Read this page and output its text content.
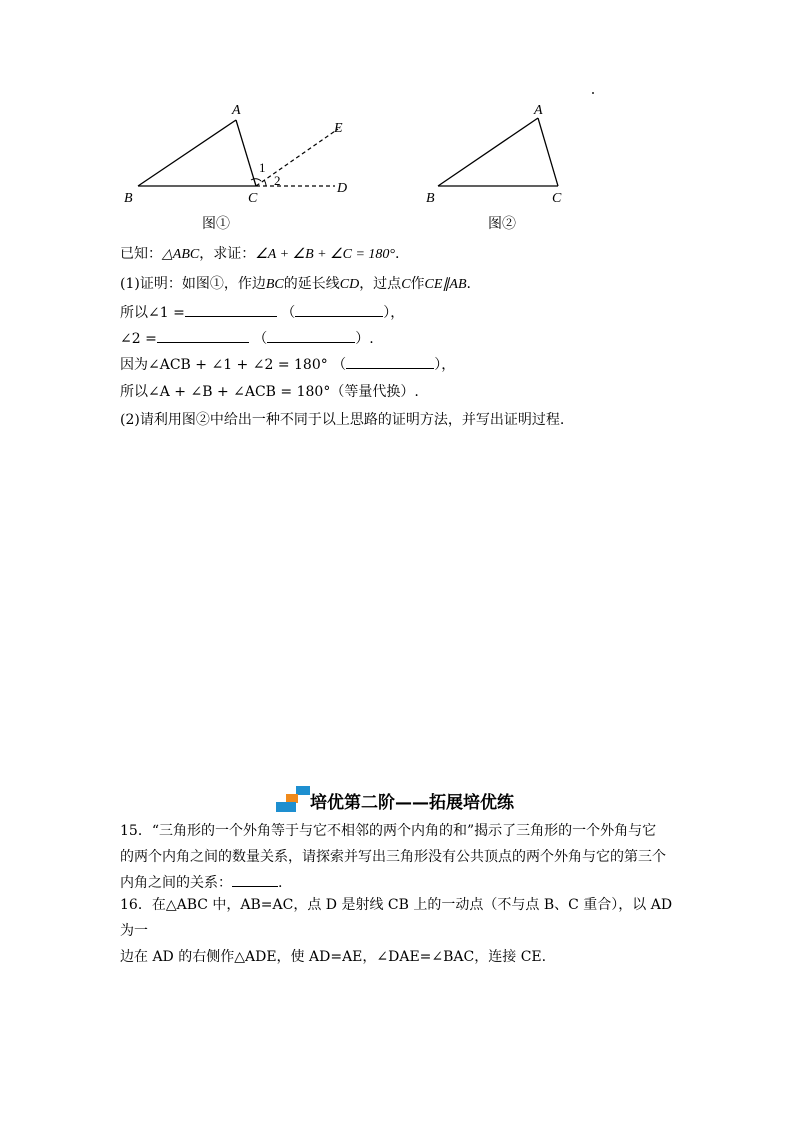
A
B	C
D
E
1
2
图①
A
B	C
图②
已知：△ABC，求证：∠A + ∠B + ∠C = 180°.
(1)证明：如图①，作边BC的延长线CD，过点C作CE∥AB.
所以∠1 =	（	），
∠2 =	（	）.
因为∠ACB + ∠1 + ∠2 = 180° （	），
所以∠A + ∠B + ∠ACB = 180°（等量代换）.
(2)请利用图②中给出一种不同于以上思路的证明方法，并写出证明过程.
培优第二阶——拓展培优练
15．“三角形的一个外角等于与它不相邻的两个内角的和”揭示了三角形的一个外角与它
的两个内角之间的数量关系，请探索并写出三角形没有公共顶点的两个外角与它的第三个
内角之间的关系：	.
16．在△ABC 中，AB=AC，点 D 是射线 CB 上的一动点（不与点 B、C 重合），以 AD 为一
边在 AD 的右侧作△ADE，使 AD=AE，∠DAE=∠BAC，连接 CE.
